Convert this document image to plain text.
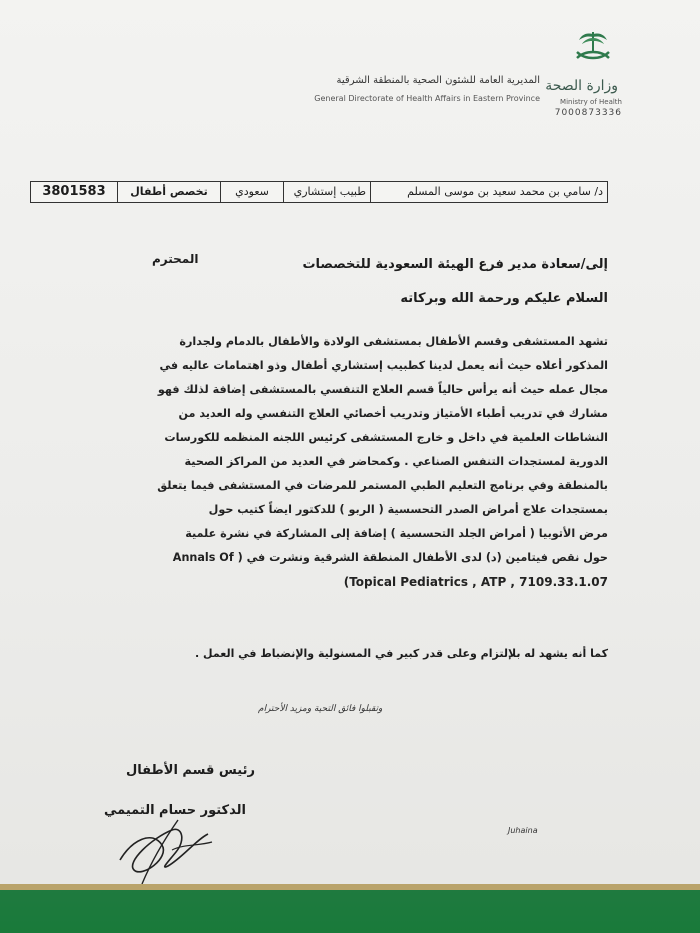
وزارة الصحة
Ministry of Health
7000873336
المديرية العامة للشئون الصحية بالمنطقة الشرقية
General Directorate of Health Affairs in Eastern Province
د/ سامي بن محمد سعيد بن موسى المسلم
طبيب إستشاري
سعودي
تخصص أطفال
3801583
المحترم	إلى/سعادة مدير فرع الهيئة السعودية للتخصصات
السلام عليكم ورحمة الله وبركاته
تشهد المستشفى وقسم الأطفال بمستشفى الولادة والأطفال بالدمام ولجدارة
المذكور أعلاه حيث أنه يعمل لدينا كطبيب إستشاري أطفال وذو اهتمامات عاليه في
مجال عمله حيث أنه يرأس حالياً قسم العلاج التنفسي بالمستشفى إضافة لذلك فهو
مشارك في تدريب أطباء الأمتياز وتدريب أخصائي العلاج التنفسي وله العديد من
النشاطات العلمية في داخل و خارج المستشفى كرئيس اللجنه المنظمه للكورسات
الدورية لمستجدات التنفس الصناعي . وكمحاضر في العديد من المراكز الصحية
بالمنطقة وفي برنامج التعليم الطبي المستمر للمرضات في المستشفى فيما يتعلق
بمستجدات علاج أمراض الصدر التحسسية ( الربو ) للدكتور ايضاً كتيب حول
مرض الأتوبيا ( أمراض الجلد التحسسية ) إضافة إلى المشاركة في نشرة علمية
حول نقص فيتامين (د) لدى الأطفال المنطقة الشرقية ونشرت في ( Annals Of
(Topical Pediatrics , ATP , 7109.33.1.07
كما أنه يشهد له بلإلتزام وعلى قدر كبير في المسنولية والإنضباط في العمل .
وتقبلوا فائق التحية ومزيد الأحترام
رئيس قسم الأطفال
الدكتور حسام التميمي
Juhaina
